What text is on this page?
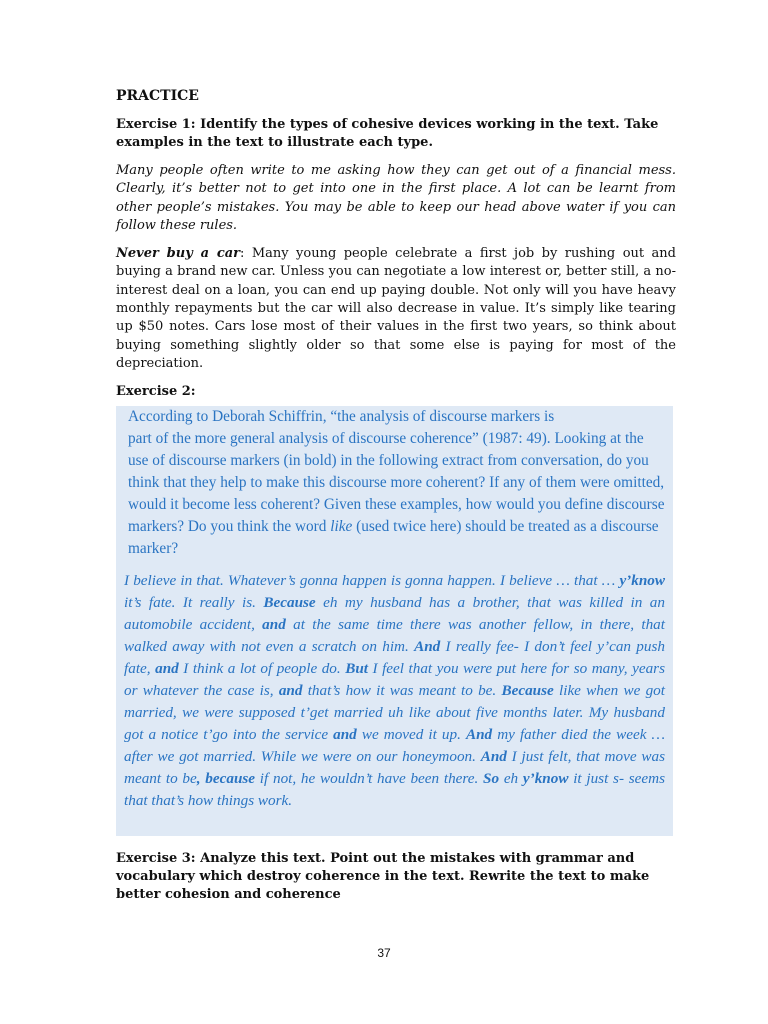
PRACTICE
Exercise 1: Identify the types of cohesive devices working in the text. Take examples in the text to illustrate each type.

Many people often write to me asking how they can get out of a financial mess. Clearly, it’s better not to get into one in the first place. A lot can be learnt from other people’s mistakes. You may be able to keep our head above water if you can follow these rules.

Never buy a car: Many young people celebrate a first job by rushing out and buying a brand new car. Unless you can negotiate a low interest or, better still, a no-interest deal on a loan, you can end up paying double. Not only will you have heavy monthly repayments but the car will also decrease in value. It’s simply like tearing up $50 notes. Cars lose most of their values in the first two years, so think about buying something slightly older so that some else is paying for most of the depreciation.

Exercise 2:

According to Deborah Schiffrin, “the analysis of discourse markers is
part of the more general analysis of discourse coherence” (1987: 49). Looking at the use of discourse markers (in bold) in the following extract from conversation, do you think that they help to make this discourse more coherent? If any of them were omitted, would it become less coherent? Given these examples, how would you define discourse markers? Do you think the word like (used twice here) should be treated as a discourse marker?

I believe in that. Whatever’s gonna happen is gonna happen. I believe … that … y’know it’s fate. It really is. Because eh my husband has a brother, that was killed in an automobile accident, and at the same time there was another fellow, in there, that walked away with not even a scratch on him. And I really fee- I don’t feel y’can push fate, and I think a lot of people do. But I feel that you were put here for so many, years or whatever the case is, and that’s how it was meant to be. Because like when we got married, we were supposed t’get married uh like about five months later. My husband got a notice t’go into the service and we moved it up. And my father died the week … after we got married. While we were on our honeymoon. And I just felt, that move was meant to be, because if not, he wouldn’t have been there. So eh y’know it just s- seems that that’s how things work.

Exercise 3: Analyze this text. Point out the mistakes with grammar and vocabulary which destroy coherence in the text. Rewrite the text to make better cohesion and coherence
37
